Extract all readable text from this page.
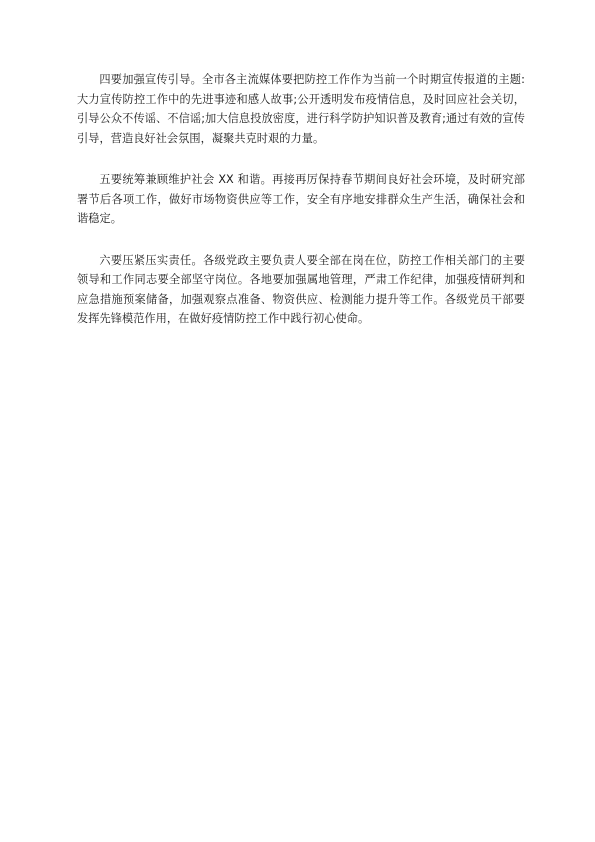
四要加强宣传引导。全市各主流媒体要把防控工作作为当前一个时期宣传报道的主题:大力宣传防控工作中的先进事迹和感人故事;公开透明发布疫情信息，及时回应社会关切，引导公众不传谣、不信谣;加大信息投放密度，进行科学防护知识普及教育;通过有效的宣传引导，营造良好社会氛围，凝聚共克时艰的力量。

五要统筹兼顾维护社会 XX 和谐。再接再厉保持春节期间良好社会环境，及时研究部署节后各项工作，做好市场物资供应等工作，安全有序地安排群众生产生活，确保社会和谐稳定。

六要压紧压实责任。各级党政主要负责人要全部在岗在位，防控工作相关部门的主要领导和工作同志要全部坚守岗位。各地要加强属地管理，严肃工作纪律，加强疫情研判和应急措施预案储备，加强观察点准备、物资供应、检测能力提升等工作。各级党员干部要发挥先锋模范作用，在做好疫情防控工作中践行初心使命。
